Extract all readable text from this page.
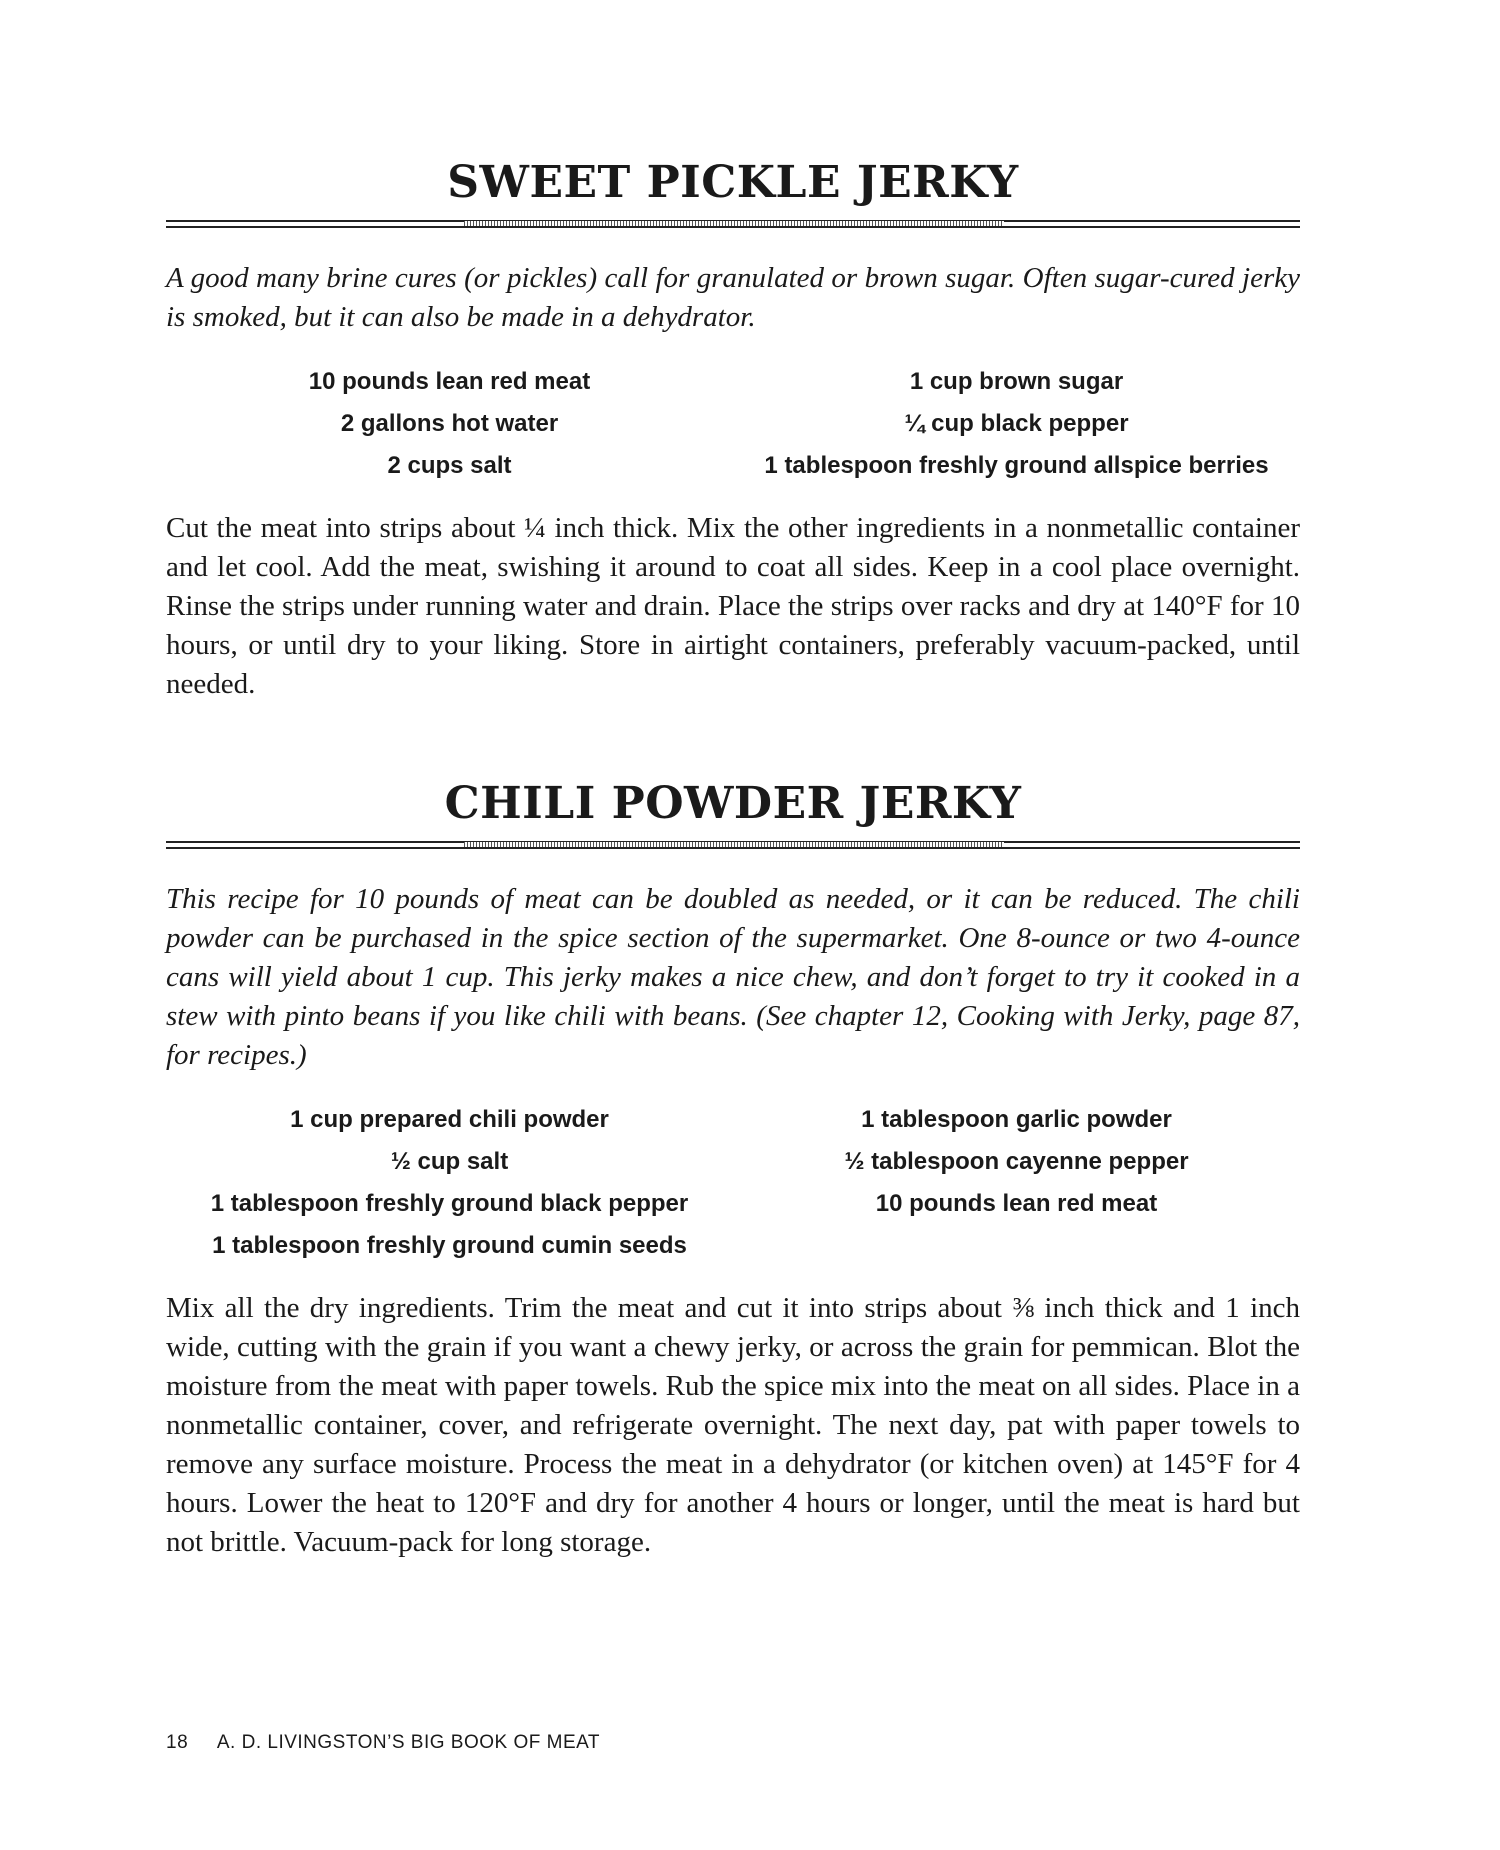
SWEET PICKLE JERKY

A good many brine cures (or pickles) call for granulated or brown sugar. Often sugar-cured jerky is smoked, but it can also be made in a dehydrator.

10 pounds lean red meat
2 gallons hot water
2 cups salt
1 cup brown sugar
¼ cup black pepper
1 tablespoon freshly ground allspice berries

Cut the meat into strips about ¼ inch thick. Mix the other ingredients in a nonmetallic container and let cool. Add the meat, swishing it around to coat all sides. Keep in a cool place overnight. Rinse the strips under running water and drain. Place the strips over racks and dry at 140°F for 10 hours, or until dry to your liking. Store in airtight containers, preferably vacuum-packed, until needed.

CHILI POWDER JERKY

This recipe for 10 pounds of meat can be doubled as needed, or it can be reduced. The chili powder can be purchased in the spice section of the supermarket. One 8-ounce or two 4-ounce cans will yield about 1 cup. This jerky makes a nice chew, and don’t forget to try it cooked in a stew with pinto beans if you like chili with beans. (See chapter 12, Cooking with Jerky, page 87, for recipes.)

1 cup prepared chili powder
½ cup salt
1 tablespoon freshly ground black pepper
1 tablespoon freshly ground cumin seeds
1 tablespoon garlic powder
½ tablespoon cayenne pepper
10 pounds lean red meat

Mix all the dry ingredients. Trim the meat and cut it into strips about ⅜ inch thick and 1 inch wide, cutting with the grain if you want a chewy jerky, or across the grain for pemmican. Blot the moisture from the meat with paper towels. Rub the spice mix into the meat on all sides. Place in a nonmetallic container, cover, and refrigerate overnight. The next day, pat with paper towels to remove any surface moisture. Process the meat in a dehydrator (or kitchen oven) at 145°F for 4 hours. Lower the heat to 120°F and dry for another 4 hours or longer, until the meat is hard but not brittle. Vacuum-pack for long storage.

18 A. D. LIVINGSTON’S BIG BOOK OF MEAT
